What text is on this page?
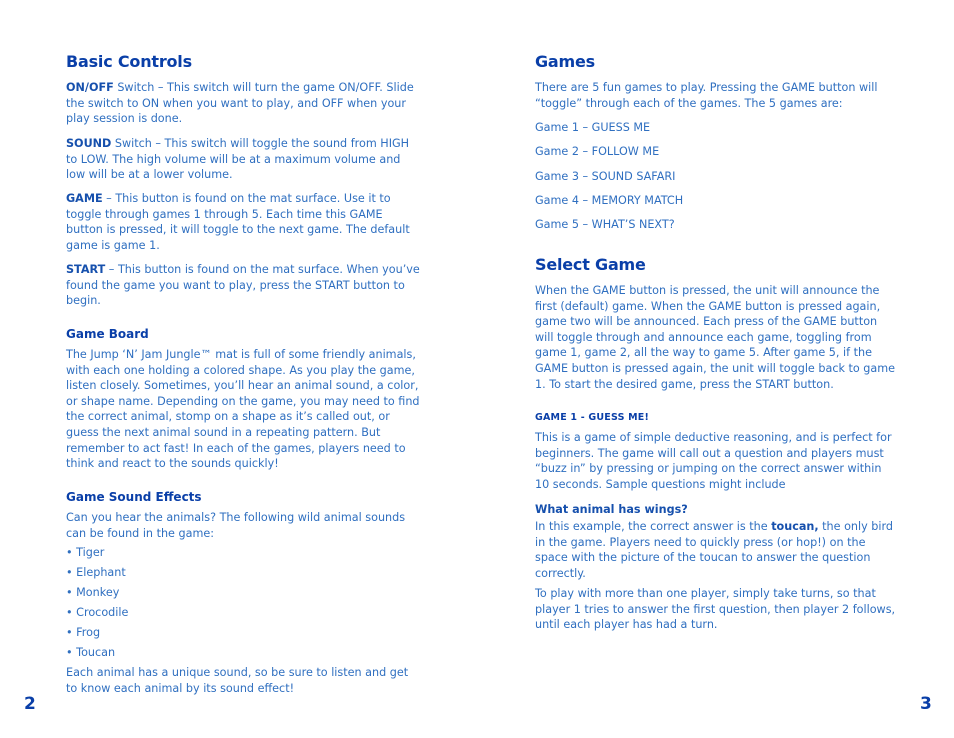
Basic Controls

ON/OFF Switch – This switch will turn the game ON/OFF. Slide the switch to ON when you want to play, and OFF when your play session is done.

SOUND Switch – This switch will toggle the sound from HIGH to LOW. The high volume will be at a maximum volume and low will be at a lower volume.

GAME – This button is found on the mat surface. Use it to toggle through games 1 through 5. Each time this GAME button is pressed, it will toggle to the next game. The default game is game 1.

START – This button is found on the mat surface. When you’ve found the game you want to play, press the START button to begin.

Game Board

The Jump ‘N’ Jam Jungle™ mat is full of some friendly animals, with each one holding a colored shape. As you play the game, listen closely. Sometimes, you’ll hear an animal sound, a color, or shape name. Depending on the game, you may need to find the correct animal, stomp on a shape as it’s called out, or guess the next animal sound in a repeating pattern. But remember to act fast! In each of the games, players need to think and react to the sounds quickly!

Game Sound Effects

Can you hear the animals? The following wild animal sounds can be found in the game:

• Tiger
• Elephant
• Monkey
• Crocodile
• Frog
• Toucan

Each animal has a unique sound, so be sure to listen and get to know each animal by its sound effect!

2
Games

There are 5 fun games to play. Pressing the GAME button will “toggle” through each of the games. The 5 games are:

Game 1 – GUESS ME
Game 2 – FOLLOW ME
Game 3 – SOUND SAFARI
Game 4 – MEMORY MATCH
Game 5 – WHAT’S NEXT?
Select Game

When the GAME button is pressed, the unit will announce the first (default) game. When the GAME button is pressed again, game two will be announced. Each press of the GAME button will toggle through and announce each game, toggling from game 1, game 2, all the way to game 5. After game 5, if the GAME button is pressed again, the unit will toggle back to game 1. To start the desired game, press the START button.

GAME 1 - GUESS ME!

This is a game of simple deductive reasoning, and is perfect for beginners. The game will call out a question and players must “buzz in” by pressing or jumping on the correct answer within 10 seconds. Sample questions might include

What animal has wings?

In this example, the correct answer is the toucan, the only bird in the game. Players need to quickly press (or hop!) on the space with the picture of the toucan to answer the question correctly.

To play with more than one player, simply take turns, so that player 1 tries to answer the first question, then player 2 follows, until each player has had a turn.

3
